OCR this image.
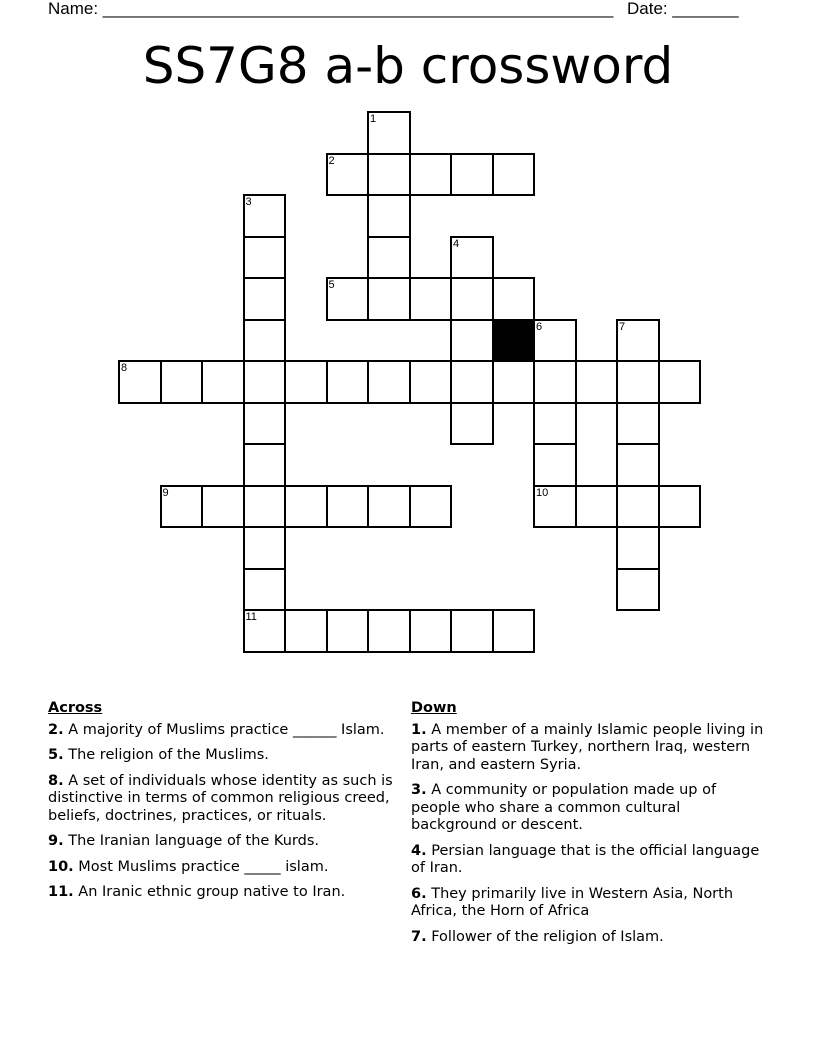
Name: ______________________________________________________ Date: _______
SS7G8 a-b crossword
1
2
3
4
5
6	7
8
9	10
11
Across
2. A majority of Muslims practice ______ Islam.
5. The religion of the Muslims.
8. A set of individuals whose identity as such is distinctive in terms of common religious creed, beliefs, doctrines, practices, or rituals.
9. The Iranian language of the Kurds.
10. Most Muslims practice _____ islam.
11. An Iranic ethnic group native to Iran.
Down
1. A member of a mainly Islamic people living in parts of eastern Turkey, northern Iraq, western Iran, and eastern Syria.
3. A community or population made up of people who share a common cultural background or descent.
4. Persian language that is the official language of Iran.
6. They primarily live in Western Asia, North Africa, the Horn of Africa
7. Follower of the religion of Islam.
